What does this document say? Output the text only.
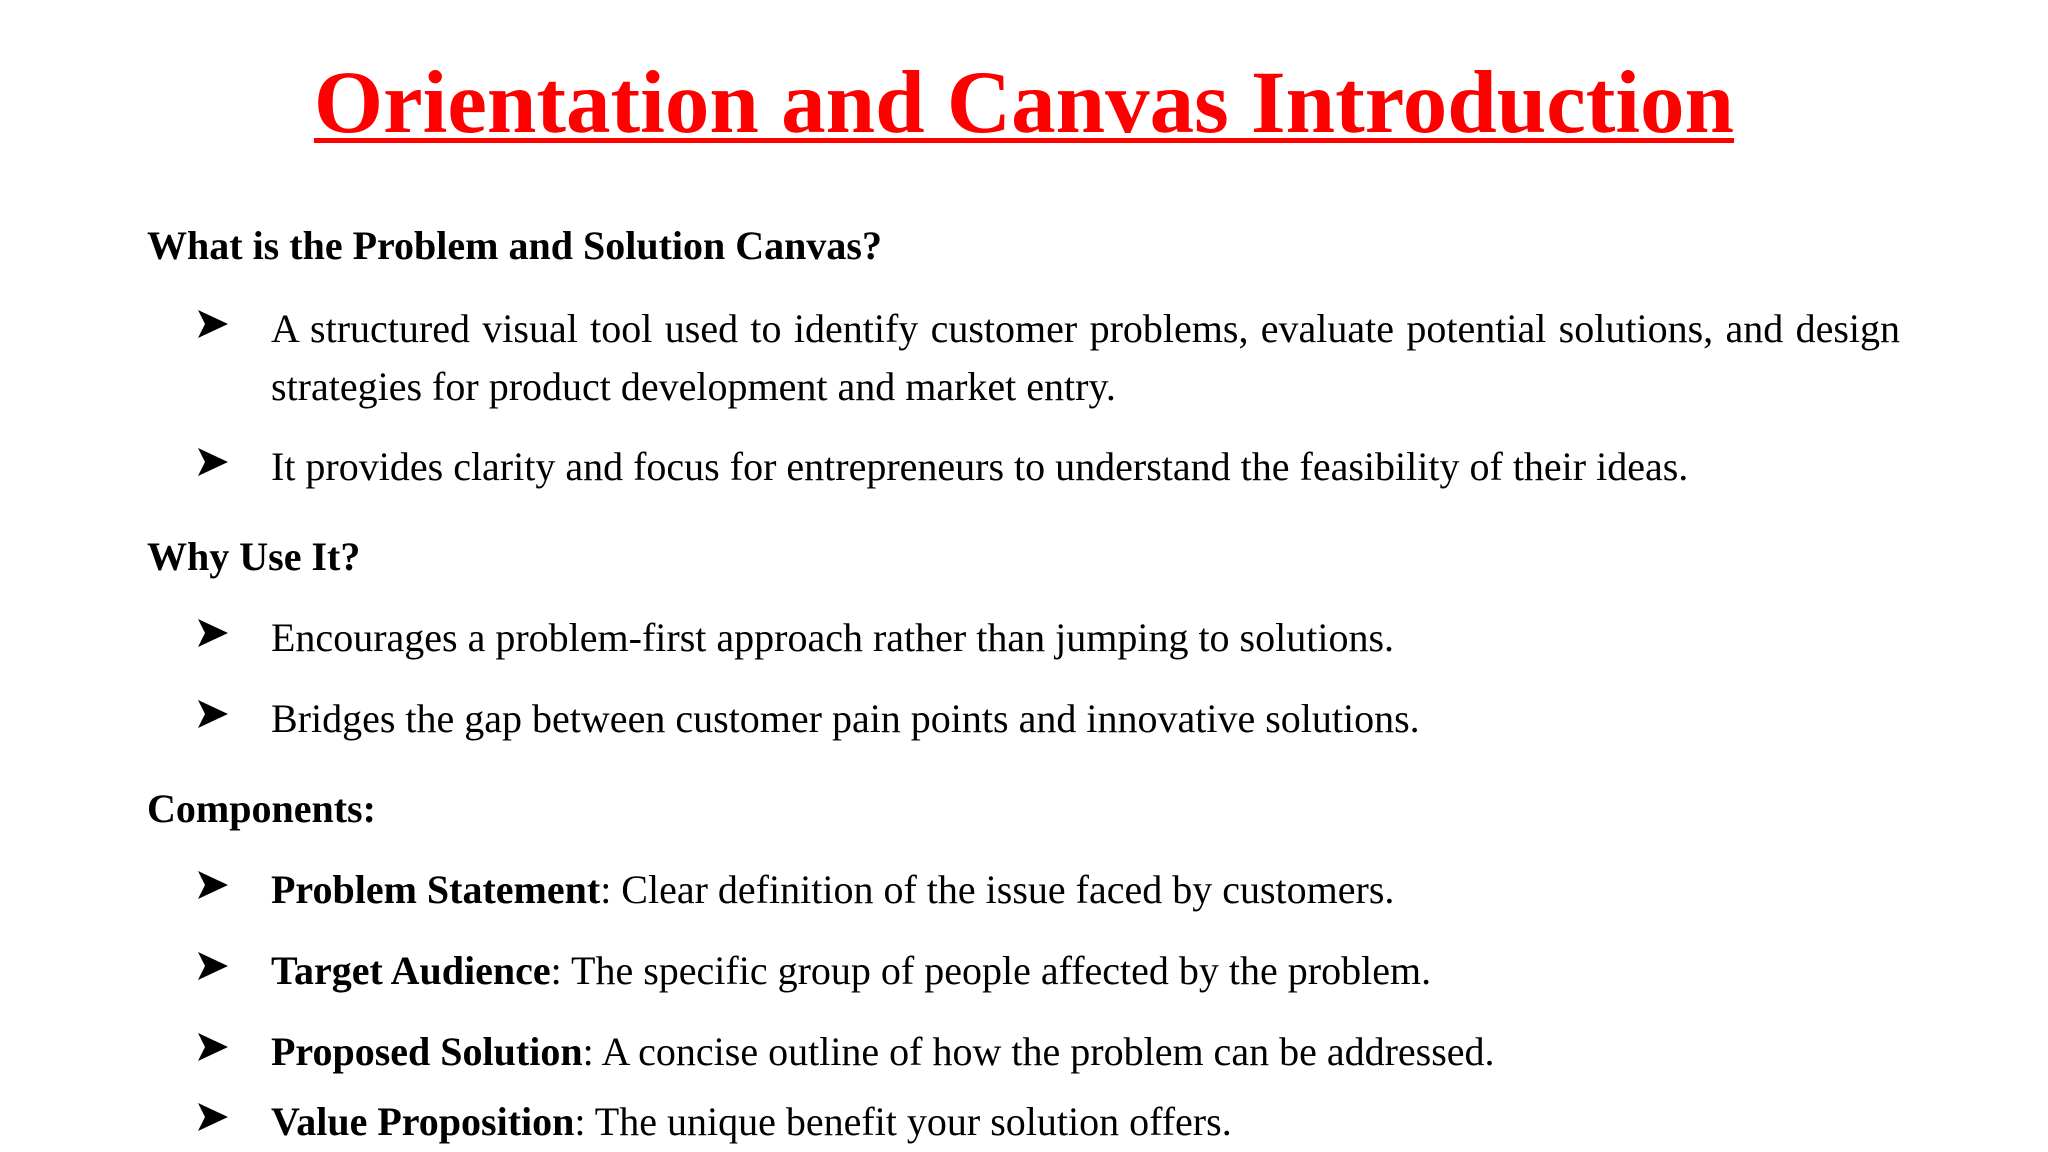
Orientation and Canvas Introduction
What is the Problem and Solution Canvas?
A structured visual tool used to identify customer problems, evaluate potential solutions, and design strategies for product development and market entry.
It provides clarity and focus for entrepreneurs to understand the feasibility of their ideas.
Why Use It?
Encourages a problem-first approach rather than jumping to solutions.
Bridges the gap between customer pain points and innovative solutions.
Components:
Problem Statement: Clear definition of the issue faced by customers.
Target Audience: The specific group of people affected by the problem.
Proposed Solution: A concise outline of how the problem can be addressed.
Value Proposition: The unique benefit your solution offers.
